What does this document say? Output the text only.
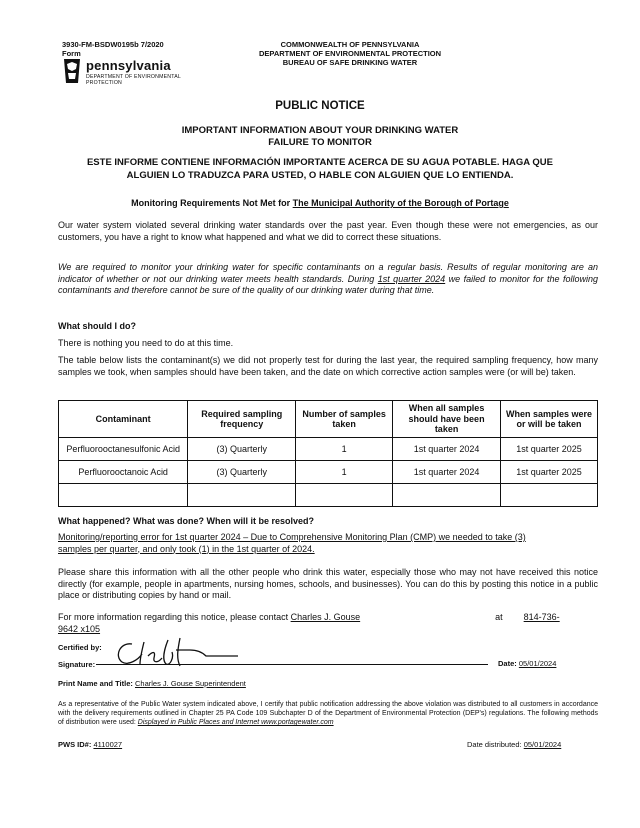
3930-FM-BSDW0195b 7/2020
Form
pennsylvania
DEPARTMENT OF ENVIRONMENTAL
PROTECTION
COMMONWEALTH OF PENNSYLVANIA
DEPARTMENT OF ENVIRONMENTAL PROTECTION
BUREAU OF SAFE DRINKING WATER
PUBLIC NOTICE
IMPORTANT INFORMATION ABOUT YOUR DRINKING WATER
FAILURE TO MONITOR
ESTE INFORME CONTIENE INFORMACIÓN IMPORTANTE ACERCA DE SU AGUA POTABLE. HAGA QUE
ALGUIEN LO TRADUZCA PARA USTED, O HABLE CON ALGUIEN QUE LO ENTIENDA.
Monitoring Requirements Not Met for The Municipal Authority of the Borough of Portage
Our water system violated several drinking water standards over the past year. Even though these were not emergencies, as our customers, you have a right to know what happened and what we did to correct these situations.
We are required to monitor your drinking water for specific contaminants on a regular basis. Results of regular monitoring are an indicator of whether or not our drinking water meets health standards. During 1st quarter 2024 we failed to monitor for the following contaminants and therefore cannot be sure of the quality of our drinking water during that time.
What should I do?
There is nothing you need to do at this time.
The table below lists the contaminant(s) we did not properly test for during the last year, the required sampling frequency, how many samples we took, when samples should have been taken, and the date on which corrective action samples were (or will be) taken.
Contaminant	Required sampling frequency	Number of samples taken	When all samples should have been taken	When samples were or will be taken
Perfluorooctanesulfonic Acid	(3) Quarterly	1	1st quarter 2024	1st quarter 2025
Perfluorooctanoic Acid	(3) Quarterly	1	1st quarter 2024	1st quarter 2025

What happened? What was done? When will it be resolved?
Monitoring/reporting error for 1st quarter 2024 – Due to Comprehensive Monitoring Plan (CMP) we needed to take (3)
samples per quarter, and only took (1) in the 1st quarter of 2024.
Please share this information with all the other people who drink this water, especially those who may not have received this notice directly (for example, people in apartments, nursing homes, schools, and businesses). You can do this by posting this notice in a public place or distributing copies by hand or mail.
For more information regarding this notice, please contact Charles J. Gouse	at 814-736-
9642 x105
Certified by:
Signature:	Date: 05/01/2024
Print Name and Title: Charles J. Gouse Superintendent
As a representative of the Public Water system indicated above, I certify that public notification addressing the above violation was distributed to all customers in accordance with the delivery requirements outlined in Chapter 25 PA Code 109 Subchapter D of the Department of Environmental Protection (DEP's) regulations. The following methods of distribution were used: Displayed in Public Places and Internet www.portagewater.com
PWS ID#: 4110027	Date distributed: 05/01/2024
